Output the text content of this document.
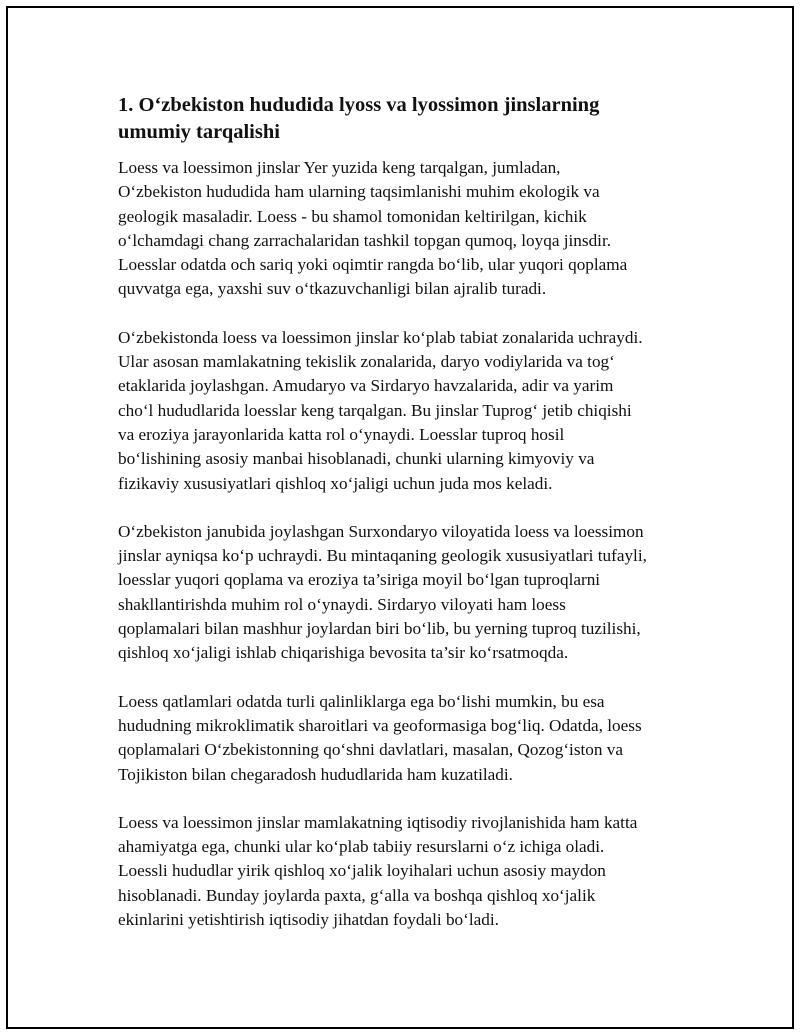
1. O‘zbekiston hududida lyoss va lyossimon jinslarning
umumiy tarqalishi

Loess va loessimon jinslar Yer yuzida keng tarqalgan, jumladan,
O‘zbekiston hududida ham ularning taqsimlanishi muhim ekologik va
geologik masaladir. Loess - bu shamol tomonidan keltirilgan, kichik
o‘lchamdagi chang zarrachalaridan tashkil topgan qumoq, loyqa jinsdir.
Loesslar odatda och sariq yoki oqimtir rangda bo‘lib, ular yuqori qoplama
quvvatga ega, yaxshi suv o‘tkazuvchanligi bilan ajralib turadi.

O‘zbekistonda loess va loessimon jinslar ko‘plab tabiat zonalarida uchraydi.
Ular asosan mamlakatning tekislik zonalarida, daryo vodiylarida va tog‘
etaklarida joylashgan. Amudaryo va Sirdaryo havzalarida, adir va yarim
cho‘l hududlarida loesslar keng tarqalgan. Bu jinslar Tuprog‘ jetib chiqishi
va eroziya jarayonlarida katta rol o‘ynaydi. Loesslar tuproq hosil
bo‘lishining asosiy manbai hisoblanadi, chunki ularning kimyoviy va
fizikaviy xususiyatlari qishloq xo‘jaligi uchun juda mos keladi.

O‘zbekiston janubida joylashgan Surxondaryo viloyatida loess va loessimon
jinslar ayniqsa ko‘p uchraydi. Bu mintaqaning geologik xususiyatlari tufayli,
loesslar yuqori qoplama va eroziya ta’siriga moyil bo‘lgan tuproqlarni
shakllantirishda muhim rol o‘ynaydi. Sirdaryo viloyati ham loess
qoplamalari bilan mashhur joylardan biri bo‘lib, bu yerning tuproq tuzilishi,
qishloq xo‘jaligi ishlab chiqarishiga bevosita ta’sir ko‘rsatmoqda.

Loess qatlamlari odatda turli qalinliklarga ega bo‘lishi mumkin, bu esa
hududning mikroklimatik sharoitlari va geoformasiga bog‘liq. Odatda, loess
qoplamalari O‘zbekistonning qo‘shni davlatlari, masalan, Qozog‘iston va
Tojikiston bilan chegaradosh hududlarida ham kuzatiladi.

Loess va loessimon jinslar mamlakatning iqtisodiy rivojlanishida ham katta
ahamiyatga ega, chunki ular ko‘plab tabiiy resurslarni o‘z ichiga oladi.
Loessli hududlar yirik qishloq xo‘jalik loyihalari uchun asosiy maydon
hisoblanadi. Bunday joylarda paxta, g‘alla va boshqa qishloq xo‘jalik
ekinlarini yetishtirish iqtisodiy jihatdan foydali bo‘ladi.
